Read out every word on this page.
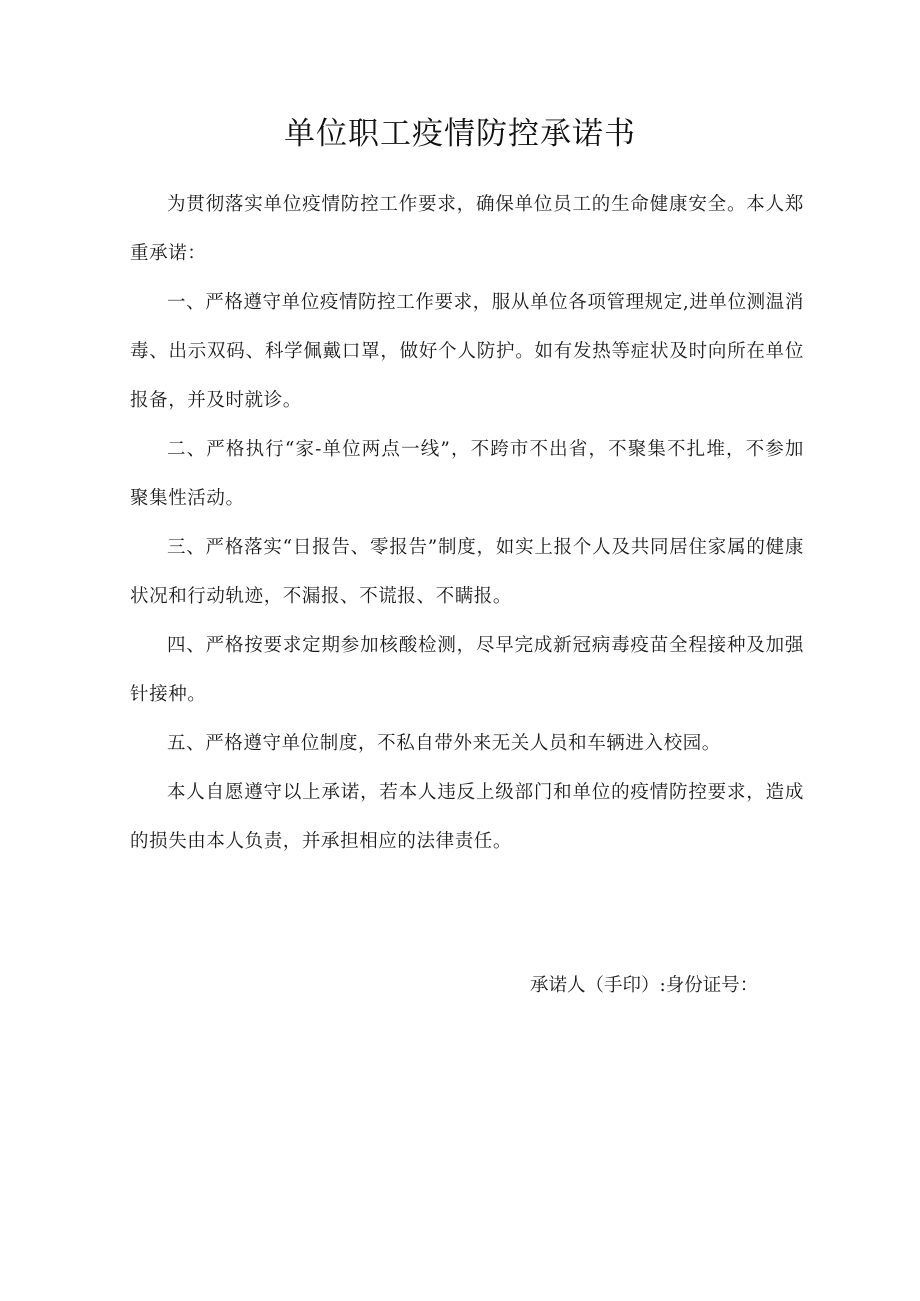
单位职工疫情防控承诺书

为贯彻落实单位疫情防控工作要求，确保单位员工的生命健康安全。本人郑重承诺：

一、严格遵守单位疫情防控工作要求，服从单位各项管理规定,进单位测温消毒、出示双码、科学佩戴口罩，做好个人防护。如有发热等症状及时向所在单位报备，并及时就诊。

二、严格执行“家-单位两点一线”，不跨市不出省，不聚集不扎堆，不参加聚集性活动。

三、严格落实“日报告、零报告”制度，如实上报个人及共同居住家属的健康状况和行动轨迹，不漏报、不谎报、不瞒报。

四、严格按要求定期参加核酸检测，尽早完成新冠病毒疫苗全程接种及加强针接种。

五、严格遵守单位制度，不私自带外来无关人员和车辆进入校园。

本人自愿遵守以上承诺，若本人违反上级部门和单位的疫情防控要求，造成的损失由本人负责，并承担相应的法律责任。

承诺人（手印）:身份证号：
